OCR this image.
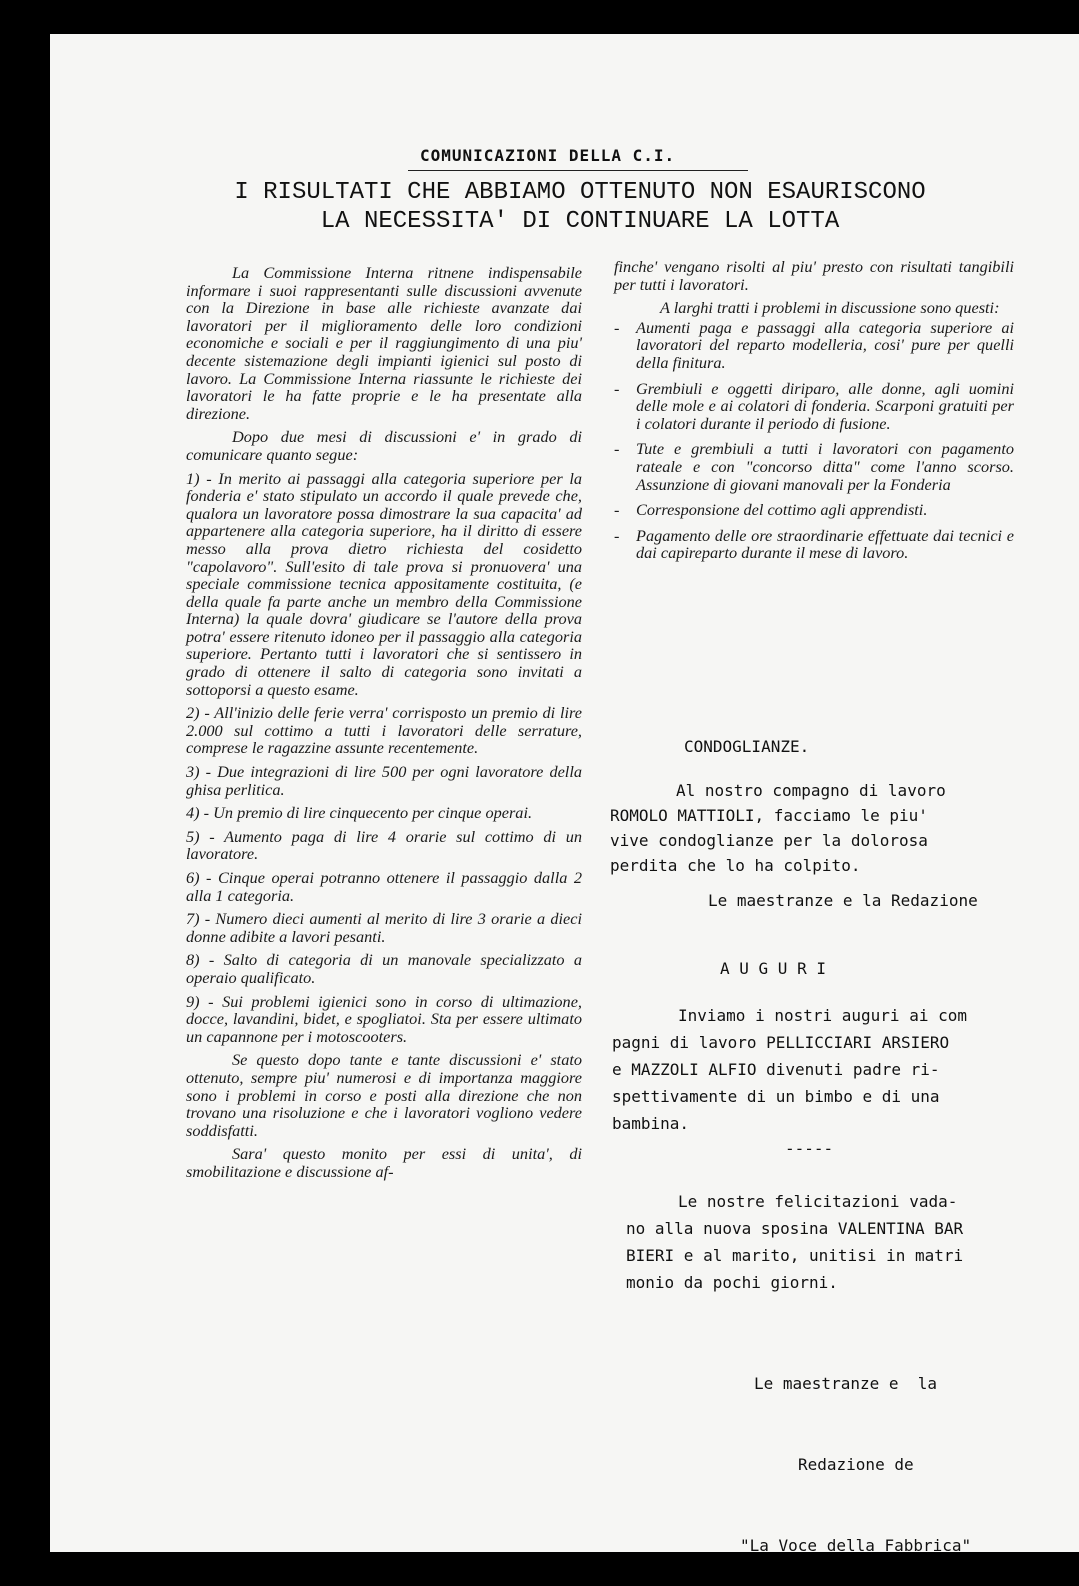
COMUNICAZIONI DELLA C.I.
I RISULTATI CHE ABBIAMO OTTENUTO NON ESAURISCONO
LA NECESSITA' DI CONTINUARE LA LOTTA

La Commissione Interna ritnene indispensabile informare i suoi rappresentanti sulle discussioni avvenute con la Direzione in base alle richieste avanzate dai lavoratori per il miglioramento delle loro condizioni economiche e sociali e per il raggiungimento di una piu' decente sistemazione degli impianti igienici sul posto di lavoro. La Commissione Interna riassunte le richieste dei lavoratori le ha fatte proprie e le ha presentate alla direzione.

Dopo due mesi di discussioni e' in grado di comunicare quanto segue:

1) - In merito ai passaggi alla categoria superiore per la fonderia e' stato stipulato un accordo il quale prevede che, qualora un lavoratore possa dimostrare la sua capacita' ad appartenere alla categoria superiore, ha il diritto di essere messo alla prova dietro richiesta del cosidetto "capolavoro". Sull'esito di tale prova si pronuovera' una speciale commissione tecnica appositamente costituita, (e della quale fa parte anche un membro della Commissione Interna) la quale dovra' giudicare se l'autore della prova potra' essere ritenuto idoneo per il passaggio alla categoria superiore. Pertanto tutti i lavoratori che si sentissero in grado di ottenere il salto di categoria sono invitati a sottoporsi a questo esame.

2) - All'inizio delle ferie verra' corrisposto un premio di lire 2.000 sul cottimo a tutti i lavoratori delle serrature, comprese le ragazzine assunte recentemente.

3) - Due integrazioni di lire 500 per ogni lavoratore della ghisa perlitica.

4) - Un premio di lire cinquecento per cinque operai.

5) - Aumento paga di lire 4 orarie sul cottimo di un lavoratore.

6) - Cinque operai potranno ottenere il passaggio dalla 2 alla 1 categoria.

7) - Numero dieci aumenti al merito di lire 3 orarie a dieci donne adibite a lavori pesanti.

8) - Salto di categoria di un manovale specializzato a operaio qualificato.

9) - Sui problemi igienici sono in corso di ultimazione, docce, lavandini, bidet, e spogliatoi. Sta per essere ultimato un capannone per i motoscooters.

Se questo dopo tante e tante discussioni e' stato ottenuto, sempre piu' numerosi e di importanza maggiore sono i problemi in corso e posti alla direzione che non trovano una risoluzione e che i lavoratori vogliono vedere soddisfatti.

Sara' questo monito per essi di unita', di smobilitazione e discussione af-

finche' vengano risolti al piu' presto con risultati tangibili per tutti i lavoratori.

A larghi tratti i problemi in discussione sono questi:

-	Aumenti paga e passaggi alla categoria superiore ai lavoratori del reparto modelleria, cosi' pure per quelli della finitura.
-	Grembiuli e oggetti diriparo, alle donne, agli uomini delle mole e ai colatori di fonderia. Scarponi gratuiti per i colatori durante il periodo di fusione.
-	Tute e grembiuli a tutti i lavoratori con pagamento rateale e con "concorso ditta" come l'anno scorso. Assunzione di giovani manovali per la Fonderia
-	Corresponsione del cottimo agli apprendisti.
-	Pagamento delle ore straordinarie effettuate dai tecnici e dai capireparto durante il mese di lavoro.
CONDOGLIANZE.

Al nostro compagno di lavoro

ROMOLO MATTIOLI, facciamo le piu'

vive condoglianze per la dolorosa

perdita che lo ha colpito.

Le maestranze e la Redazione

A U G U R I

Inviamo i nostri auguri ai com

pagni di lavoro PELLICCIARI ARSIERO

e MAZZOLI ALFIO divenuti padre ri-

spettivamente di un bimbo e di una

bambina.

-----

Le nostre felicitazioni vada-

no alla nuova sposina VALENTINA BAR

BIERI e al marito, unitisi in matri

monio da pochi giorni.

Le maestranze e  la

Redazione de

"La Voce della Fabbrica"
